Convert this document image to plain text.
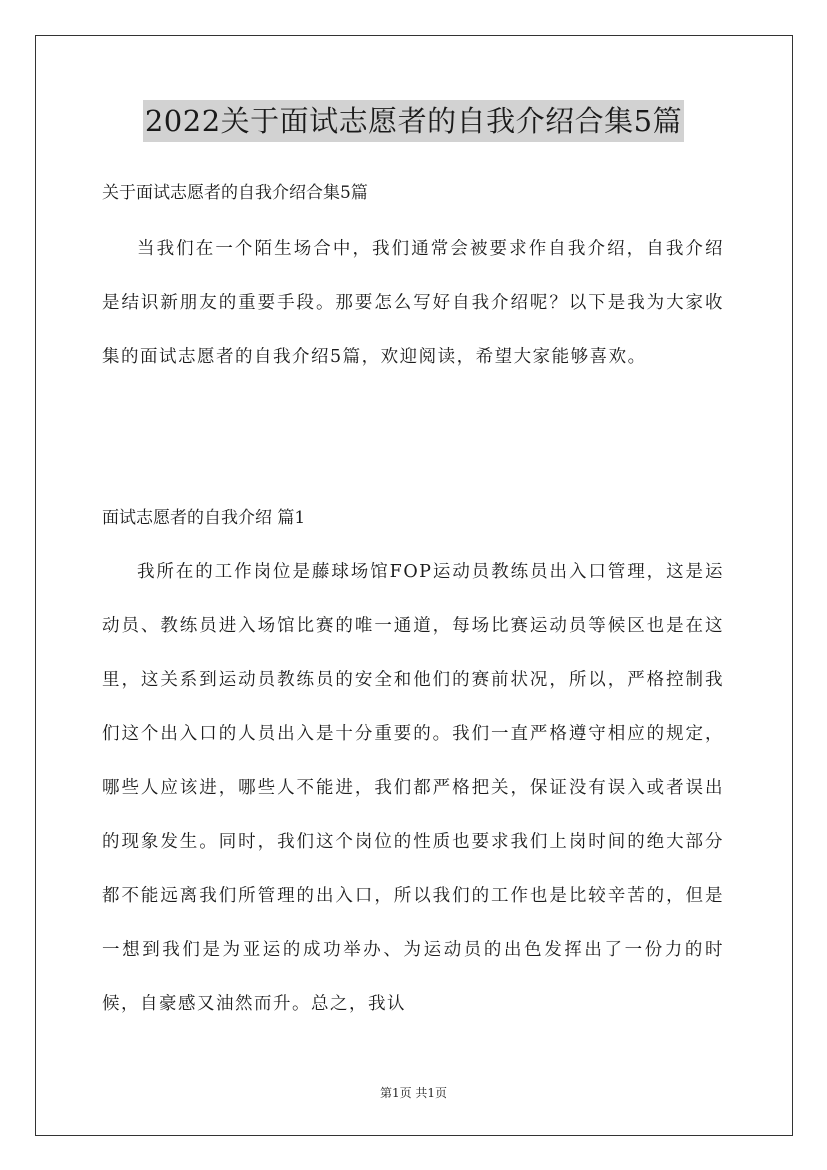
2022关于面试志愿者的自我介绍合集5篇
关于面试志愿者的自我介绍合集5篇

当我们在一个陌生场合中，我们通常会被要求作自我介绍，自我介绍是结识新朋友的重要手段。那要怎么写好自我介绍呢？以下是我为大家收集的面试志愿者的自我介绍5篇，欢迎阅读，希望大家能够喜欢。

面试志愿者的自我介绍 篇1

我所在的工作岗位是藤球场馆FOP运动员教练员出入口管理，这是运动员、教练员进入场馆比赛的唯一通道，每场比赛运动员等候区也是在这里，这关系到运动员教练员的安全和他们的赛前状况，所以，严格控制我们这个出入口的人员出入是十分重要的。我们一直严格遵守相应的规定，哪些人应该进，哪些人不能进，我们都严格把关，保证没有误入或者误出的现象发生。同时，我们这个岗位的性质也要求我们上岗时间的绝大部分都不能远离我们所管理的出入口，所以我们的工作也是比较辛苦的，但是一想到我们是为亚运的成功举办、为运动员的出色发挥出了一份力的时候，自豪感又油然而升。总之，我认

第1页 共1页
